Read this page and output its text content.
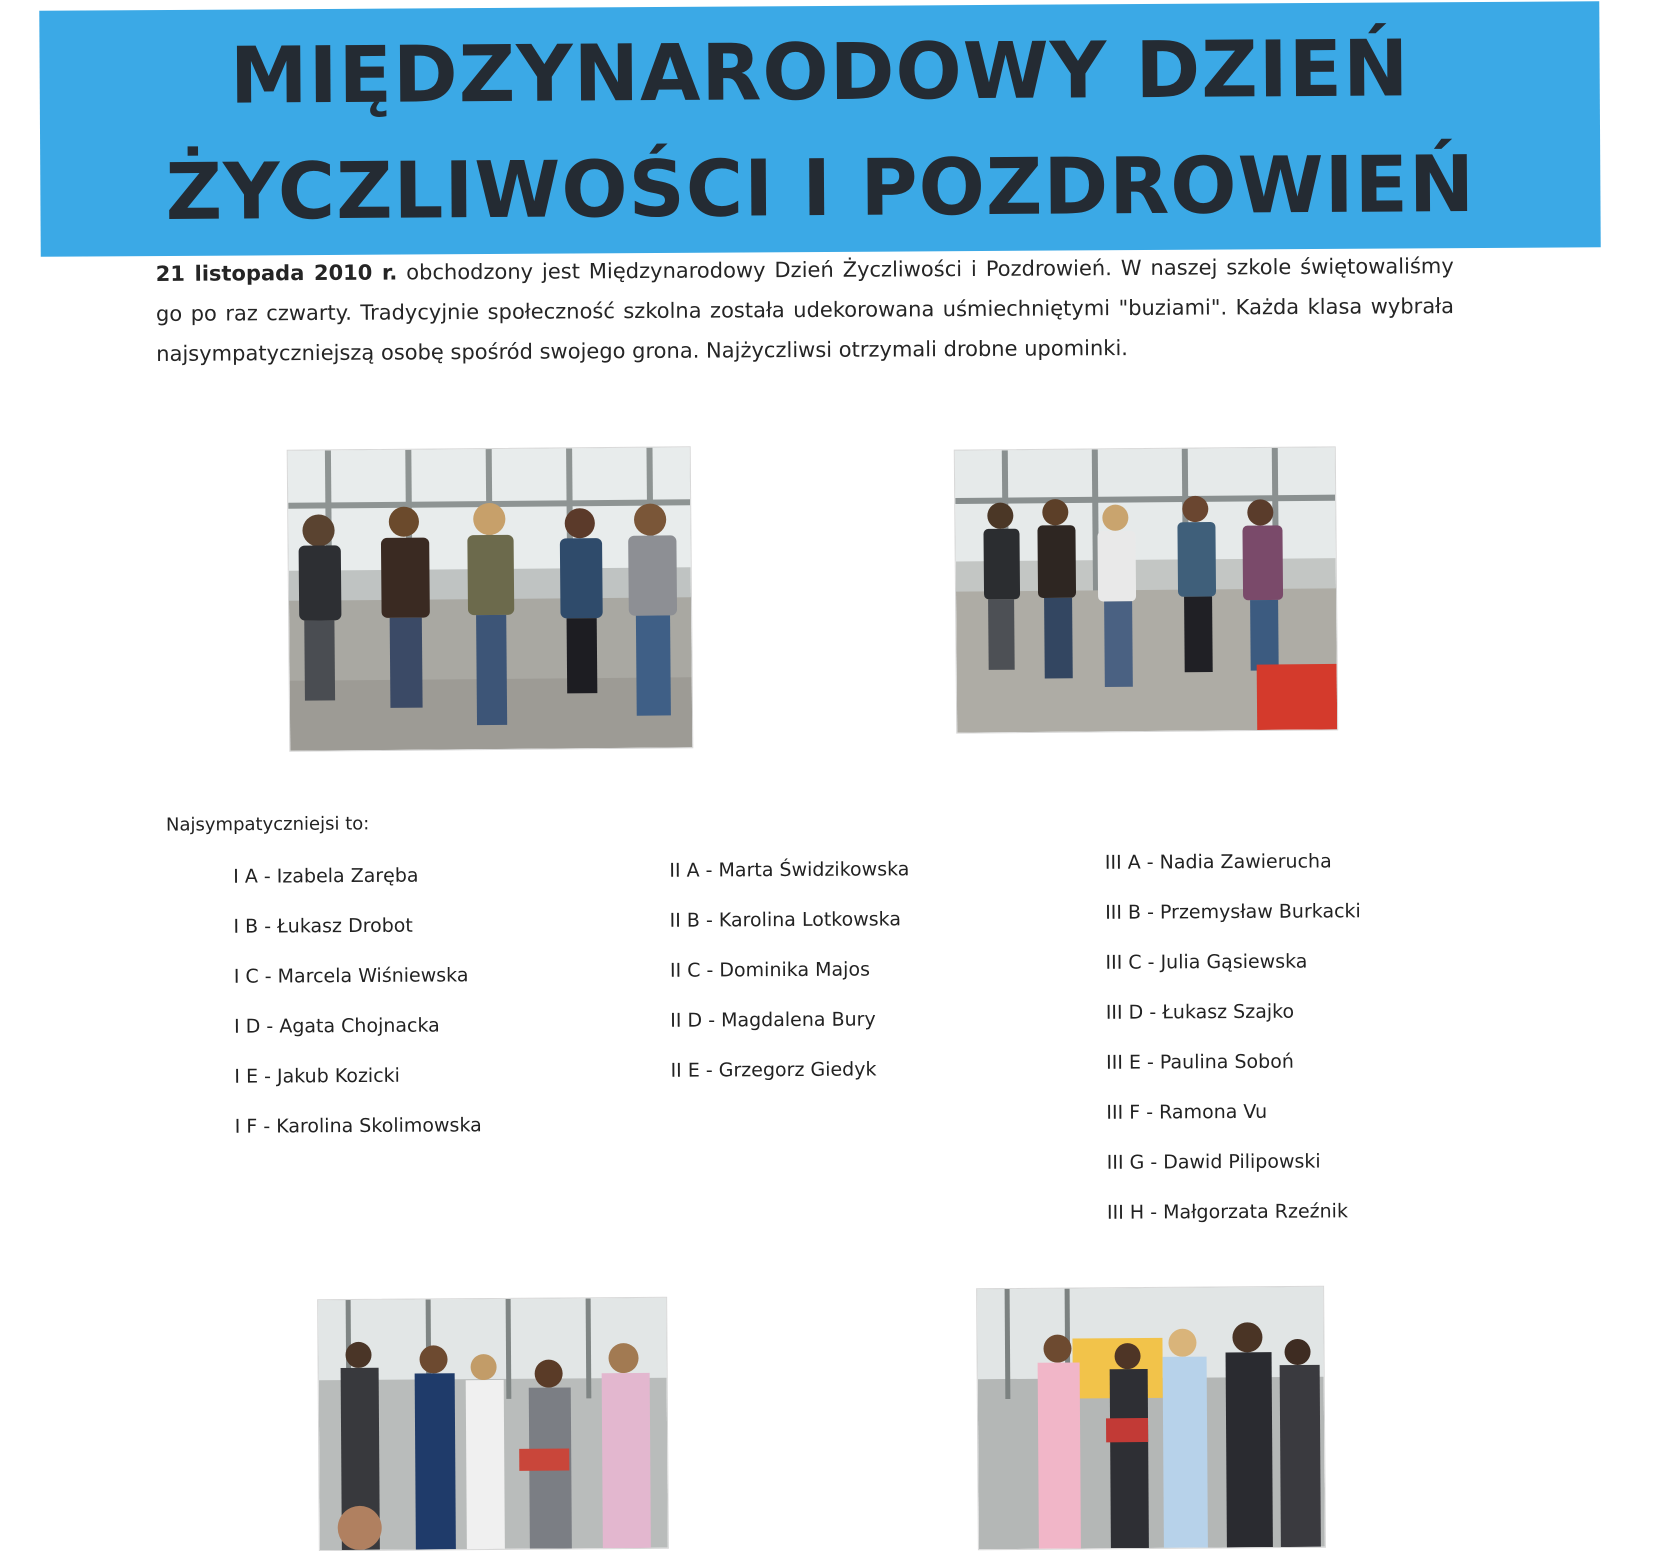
MIĘDZYNARODOWY DZIEŃ
ŻYCZLIWOŚCI I POZDROWIEŃ

21 listopada 2010 r. obchodzony jest Międzynarodowy Dzień Życzliwości i Pozdrowień. W naszej szkole świętowaliśmy go po raz czwarty. Tradycyjnie społeczność szkolna została udekorowana uśmiechniętymi "buziami". Każda klasa wybrała najsympatyczniejszą osobę spośród swojego grona. Najżyczliwsi otrzymali drobne upominki.

Najsympatyczniejsi to:
I A - Izabela Zaręba
I B - Łukasz Drobot
I C - Marcela Wiśniewska
I D - Agata Chojnacka
I E - Jakub Kozicki
I F - Karolina Skolimowska
II A - Marta Świdzikowska
II B - Karolina Lotkowska
II C - Dominika Majos
II D - Magdalena Bury
II E - Grzegorz Giedyk
III A - Nadia Zawierucha
III B - Przemysław Burkacki
III C - Julia Gąsiewska
III D - Łukasz Szajko
III E - Paulina Soboń
III F - Ramona Vu
III G - Dawid Pilipowski
III H - Małgorzata Rzeźnik
